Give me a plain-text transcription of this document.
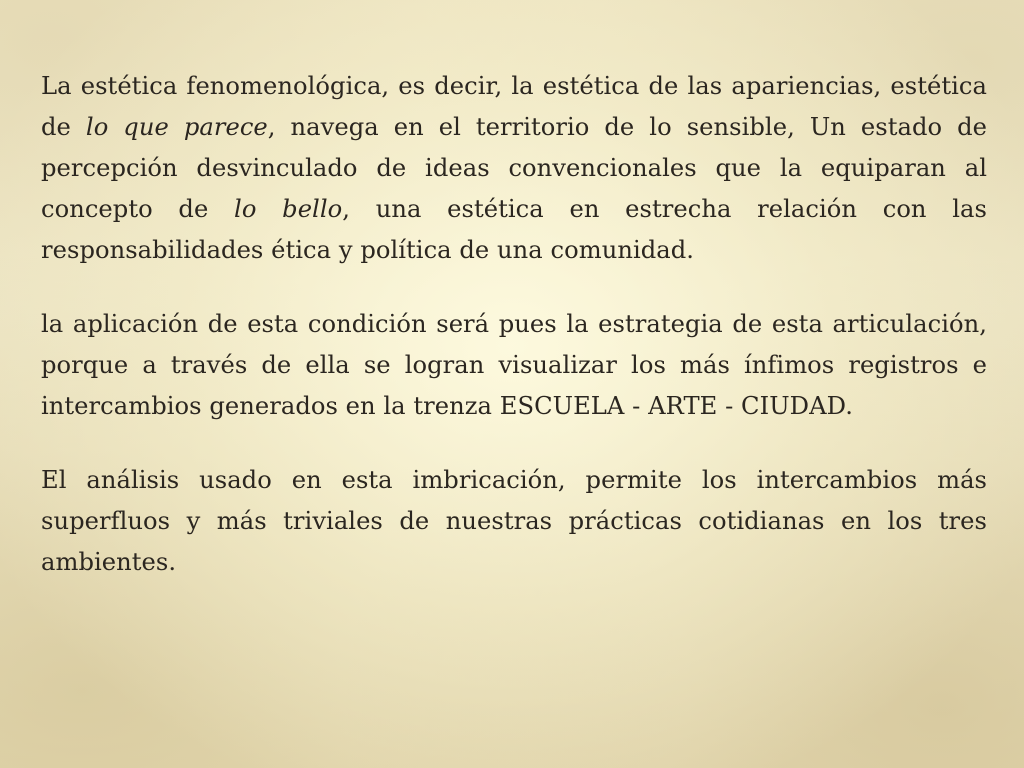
La estética fenomenológica, es decir, la estética de las apariencias, estética de lo que parece, navega en el territorio de lo sensible, Un estado de percepción desvinculado de ideas convencionales que la equiparan al concepto de lo bello, una estética en estrecha relación con las responsabilidades ética y política de una comunidad.

la aplicación de esta condición será pues la estrategia de esta articulación, porque a través de ella se logran visualizar los más ínfimos registros e intercambios generados en la trenza ESCUELA - ARTE - CIUDAD.

El análisis usado en esta imbricación, permite los intercambios más superfluos y más triviales de nuestras prácticas cotidianas en los tres ambientes.
